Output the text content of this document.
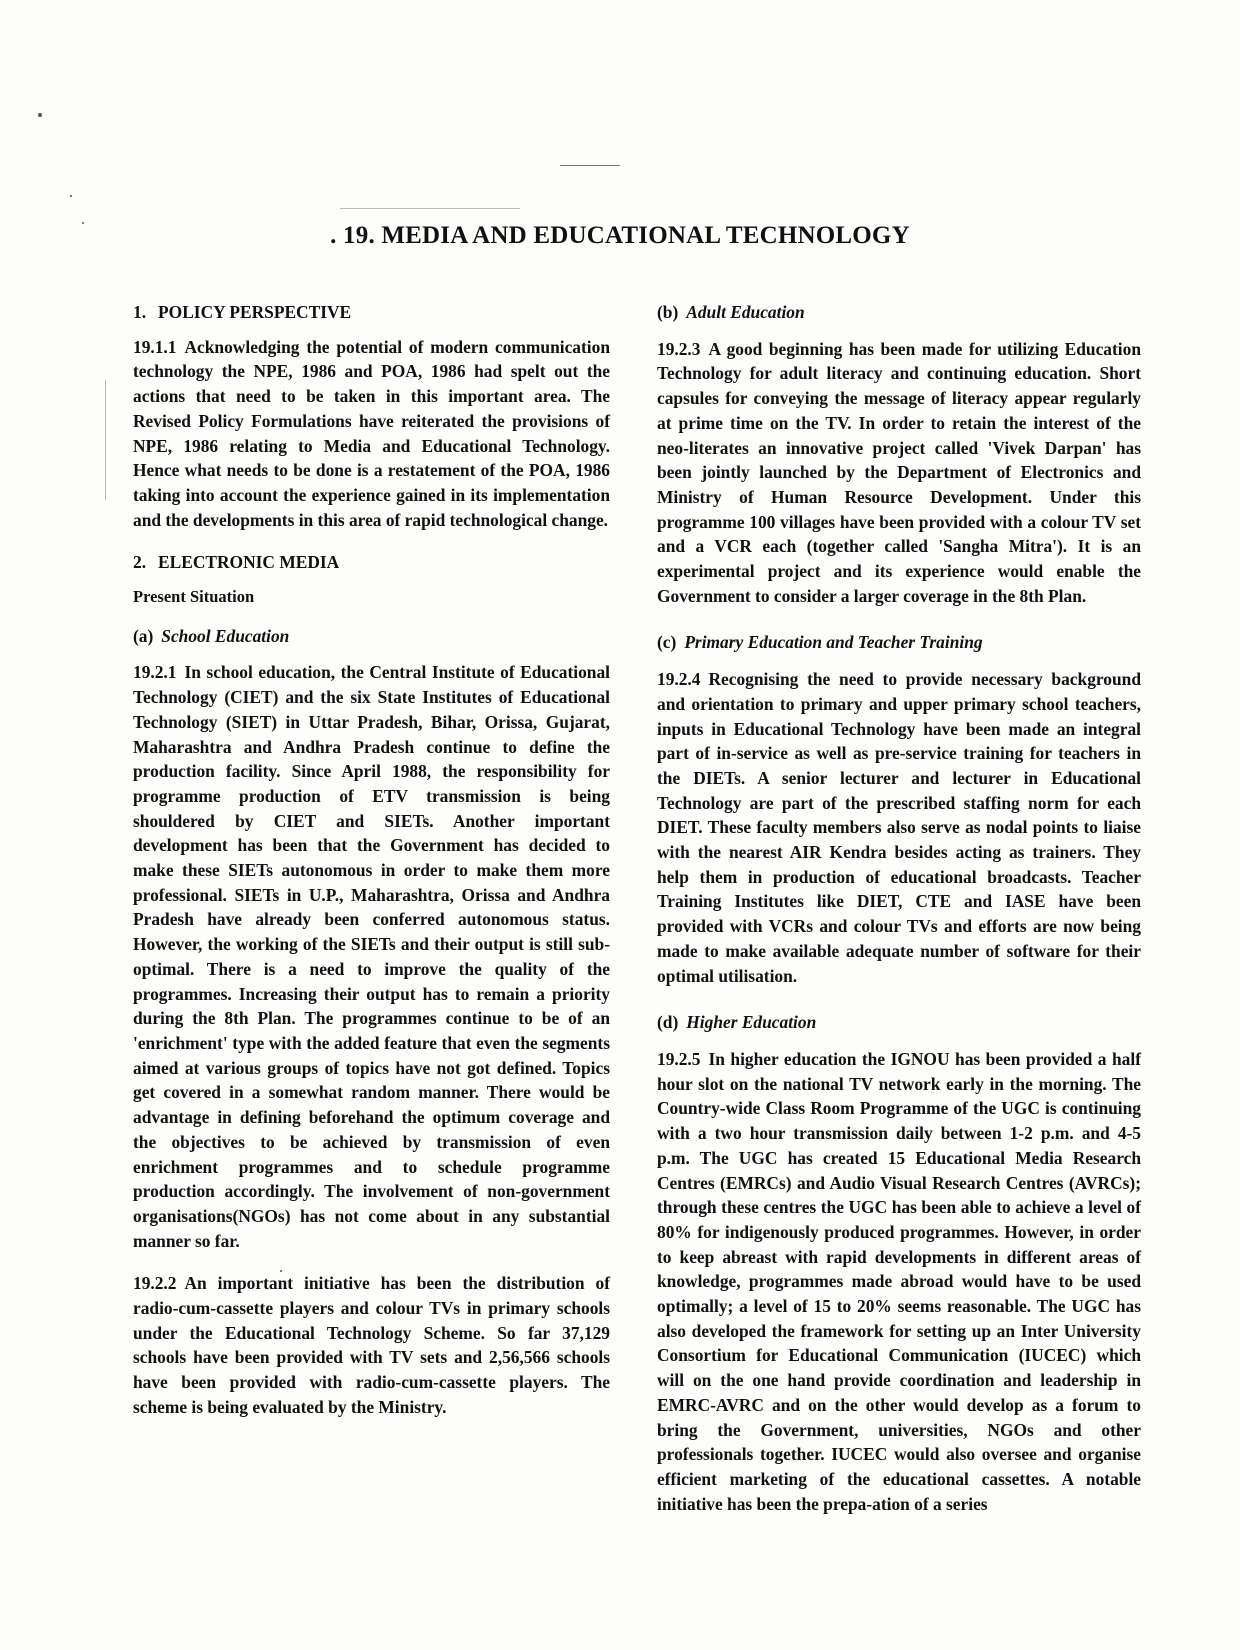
. 19. MEDIA AND EDUCATIONAL TECHNOLOGY
1. POLICY PERSPECTIVE

19.1.1 Acknowledging the potential of modern communication technology the NPE, 1986 and POA, 1986 had spelt out the actions that need to be taken in this important area. The Revised Policy Formulations have reiterated the provisions of NPE, 1986 relating to Media and Educational Technology. Hence what needs to be done is a restatement of the POA, 1986 taking into account the experience gained in its implementation and the developments in this area of rapid technological change.

2. ELECTRONIC MEDIA
Present Situation
(a) School Education

19.2.1 In school education, the Central Institute of Educational Technology (CIET) and the six State Institutes of Educational Technology (SIET) in Uttar Pradesh, Bihar, Orissa, Gujarat, Maharashtra and Andhra Pradesh continue to define the production facility. Since April 1988, the responsibility for programme production of ETV transmission is being shouldered by CIET and SIETs. Another important development has been that the Government has decided to make these SIETs autonomous in order to make them more professional. SIETs in U.P., Maharashtra, Orissa and Andhra Pradesh have already been conferred autonomous status. However, the working of the SIETs and their output is still sub-optimal. There is a need to improve the quality of the programmes. Increasing their output has to remain a priority during the 8th Plan. The programmes continue to be of an 'enrichment' type with the added feature that even the segments aimed at various groups of topics have not got defined. Topics get covered in a somewhat random manner. There would be advantage in defining beforehand the optimum coverage and the objectives to be achieved by transmission of even enrichment programmes and to schedule programme production accordingly. The involvement of non-government organisations(NGOs) has not come about in any substantial manner so far.

19.2.2 An important initiative has been the distribution of radio-cum-cassette players and colour TVs in primary schools under the Educational Technology Scheme. So far 37,129 schools have been provided with TV sets and 2,56,566 schools have been provided with radio-cum-cassette players. The scheme is being evaluated by the Ministry.

(b) Adult Education

19.2.3 A good beginning has been made for utilizing Education Technology for adult literacy and continuing education. Short capsules for conveying the message of literacy appear regularly at prime time on the TV. In order to retain the interest of the neo-literates an innovative project called 'Vivek Darpan' has been jointly launched by the Department of Electronics and Ministry of Human Resource Development. Under this programme 100 villages have been provided with a colour TV set and a VCR each (together called 'Sangha Mitra'). It is an experimental project and its experience would enable the Government to consider a larger coverage in the 8th Plan.

(c) Primary Education and Teacher Training

19.2.4 Recognising the need to provide necessary background and orientation to primary and upper primary school teachers, inputs in Educational Technology have been made an integral part of in-service as well as pre-service training for teachers in the DIETs. A senior lecturer and lecturer in Educational Technology are part of the prescribed staffing norm for each DIET. These faculty members also serve as nodal points to liaise with the nearest AIR Kendra besides acting as trainers. They help them in production of educational broadcasts. Teacher Training Institutes like DIET, CTE and IASE have been provided with VCRs and colour TVs and efforts are now being made to make available adequate number of software for their optimal utilisation.

(d) Higher Education

19.2.5 In higher education the IGNOU has been provided a half hour slot on the national TV network early in the morning. The Country-wide Class Room Programme of the UGC is continuing with a two hour transmission daily between 1-2 p.m. and 4-5 p.m. The UGC has created 15 Educational Media Research Centres (EMRCs) and Audio Visual Research Centres (AVRCs); through these centres the UGC has been able to achieve a level of 80% for indigenously produced programmes. However, in order to keep abreast with rapid developments in different areas of knowledge, programmes made abroad would have to be used optimally; a level of 15 to 20% seems reasonable. The UGC has also developed the framework for setting up an Inter University Consortium for Educational Communication (IUCEC) which will on the one hand provide coordination and leadership in EMRC-AVRC and on the other would develop as a forum to bring the Government, universities, NGOs and other professionals together. IUCEC would also oversee and organise efficient marketing of the educational cassettes. A notable initiative has been the prepa-ation of a series
